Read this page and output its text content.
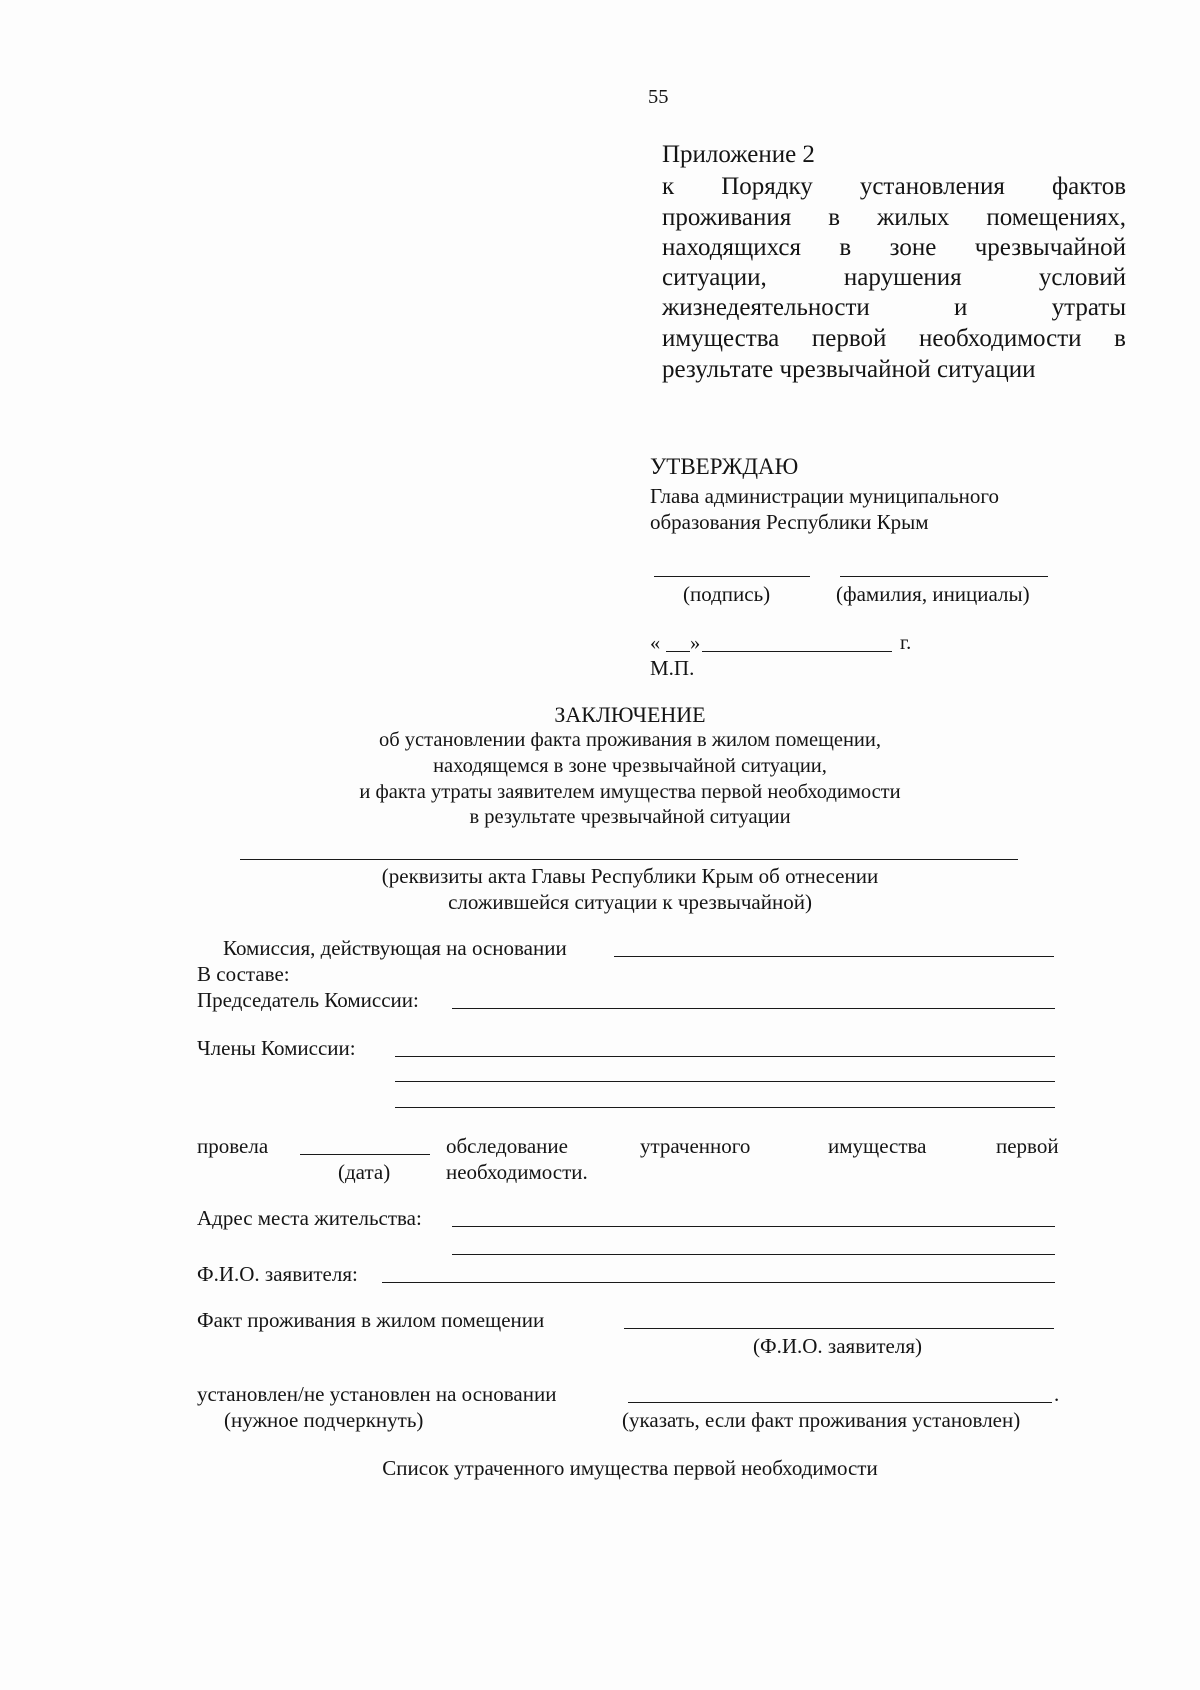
55
Приложение 2
к Порядку установления фактов
проживания в жилых помещениях,
находящихся в зоне чрезвычайной
ситуации, нарушения условий
жизнедеятельности и утраты
имущества первой необходимости в
результате чрезвычайной ситуации
УТВЕРЖДАЮ
Глава администрации муниципального
образования Республики Крым
(подпись)	(фамилия, инициалы)
« »	г.
М.П.
ЗАКЛЮЧЕНИЕ
об установлении факта проживания в жилом помещении,
находящемся в зоне чрезвычайной ситуации,
и факта утраты заявителем имущества первой необходимости
в результате чрезвычайной ситуации
(реквизиты акта Главы Республики Крым об отнесении
сложившейся ситуации к чрезвычайной)
Комиссия, действующая на основании
В составе:
Председатель Комиссии:
Члены Комиссии:
провела	обследование	утраченного	имущества	первой
(дата)	необходимости.
Адрес места жительства:
Ф.И.О. заявителя:
Факт проживания в жилом помещении
(Ф.И.О. заявителя)
установлен/не установлен на основании	.
(нужное подчеркнуть)	(указать, если факт проживания установлен)
Список утраченного имущества первой необходимости
